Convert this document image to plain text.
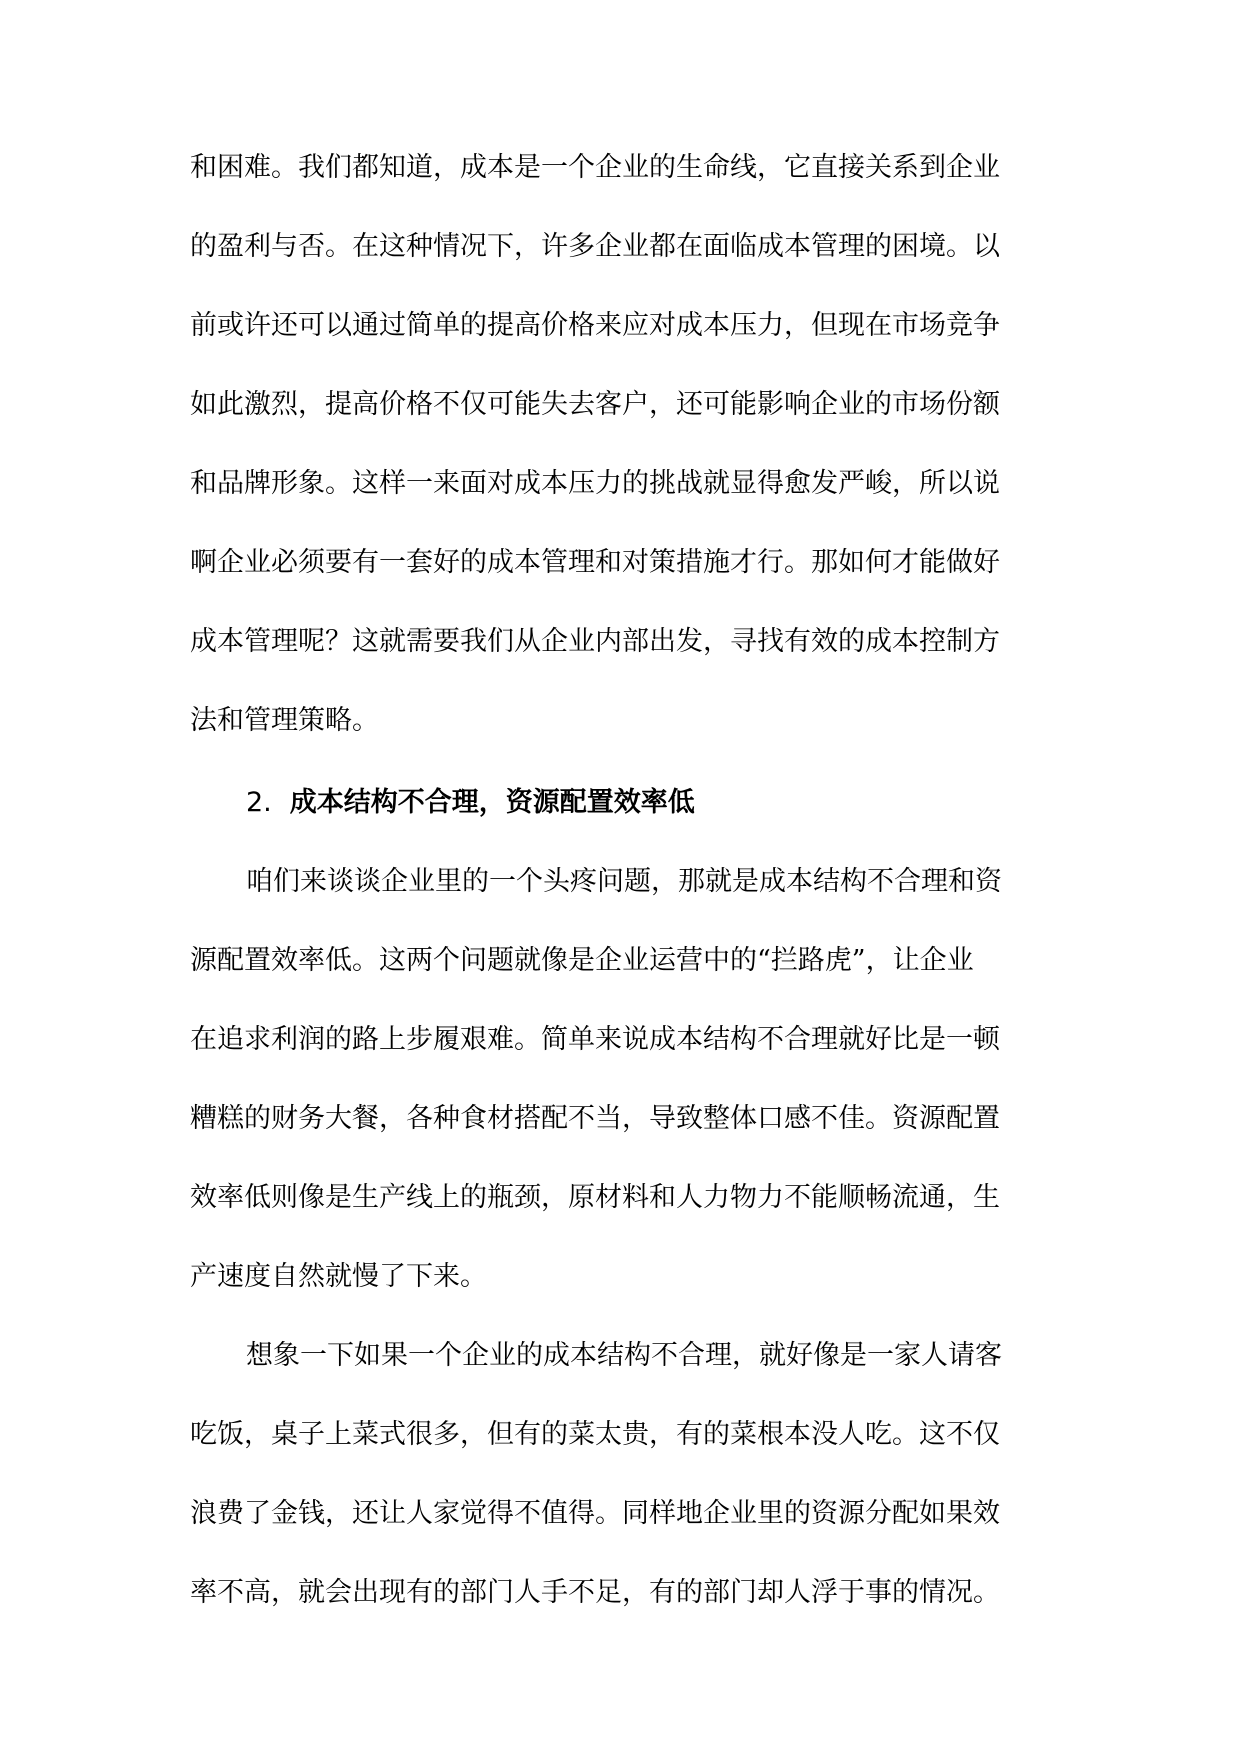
和困难。我们都知道，成本是一个企业的生命线，它直接关系到企业
的盈利与否。在这种情况下，许多企业都在面临成本管理的困境。以
前或许还可以通过简单的提高价格来应对成本压力，但现在市场竞争
如此激烈，提高价格不仅可能失去客户，还可能影响企业的市场份额
和品牌形象。这样一来面对成本压力的挑战就显得愈发严峻，所以说
啊企业必须要有一套好的成本管理和对策措施才行。那如何才能做好
成本管理呢？这就需要我们从企业内部出发，寻找有效的成本控制方
法和管理策略。
2. 成本结构不合理，资源配置效率低
咱们来谈谈企业里的一个头疼问题，那就是成本结构不合理和资
源配置效率低。这两个问题就像是企业运营中的“拦路虎”，让企业
在追求利润的路上步履艰难。简单来说成本结构不合理就好比是一顿
糟糕的财务大餐，各种食材搭配不当，导致整体口感不佳。资源配置
效率低则像是生产线上的瓶颈，原材料和人力物力不能顺畅流通，生
产速度自然就慢了下来。
想象一下如果一个企业的成本结构不合理，就好像是一家人请客
吃饭，桌子上菜式很多，但有的菜太贵，有的菜根本没人吃。这不仅
浪费了金钱，还让人家觉得不值得。同样地企业里的资源分配如果效
率不高，就会出现有的部门人手不足，有的部门却人浮于事的情况。
